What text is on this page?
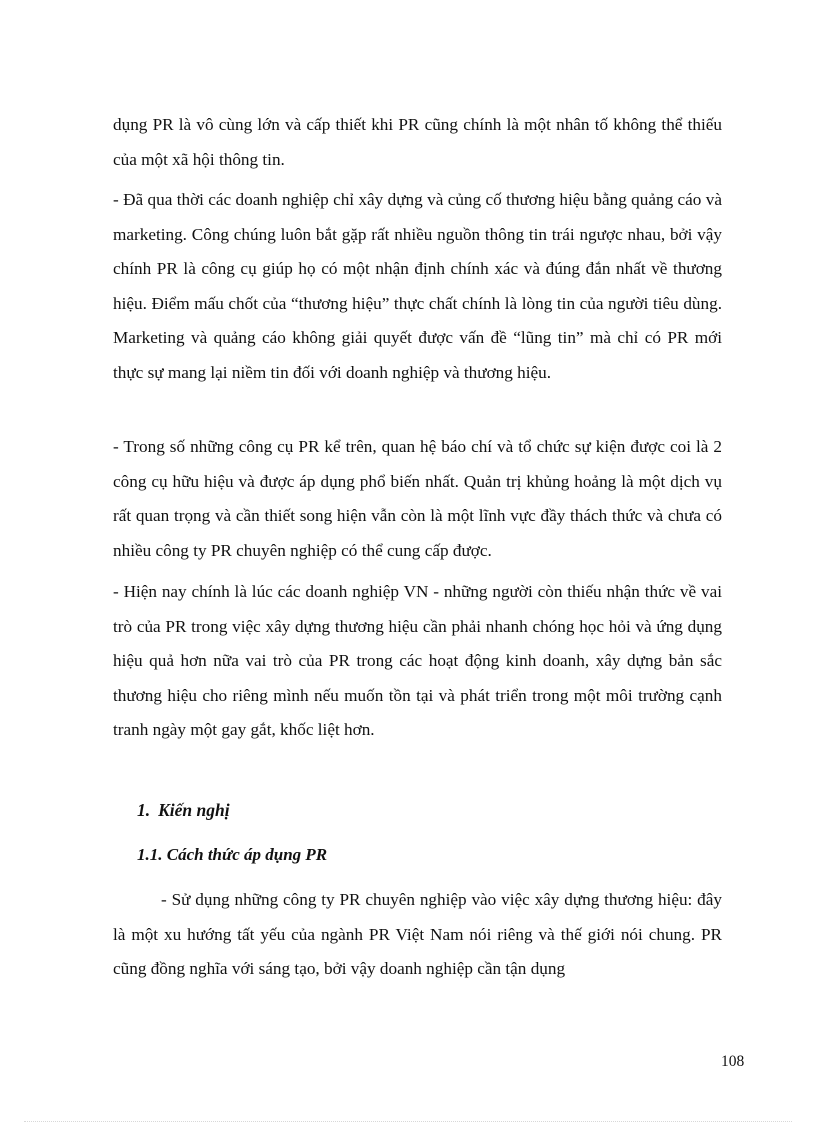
dụng PR là vô cùng lớn và cấp thiết khi PR cũng chính là một nhân tố không thể thiếu của một xã hội thông tin.

- Đã qua thời các doanh nghiệp chỉ xây dựng và củng cố thương hiệu bằng quảng cáo và marketing. Công chúng luôn bắt gặp rất nhiều nguồn thông tin trái ngược nhau, bởi vậy chính PR là công cụ giúp họ có một nhận định chính xác và đúng đắn nhất về thương hiệu. Điểm mấu chốt của “thương hiệu” thực chất chính là lòng tin của người tiêu dùng. Marketing và quảng cáo không giải quyết được vấn đề “lũng tin” mà chỉ có PR mới thực sự mang lại niềm tin đối với doanh nghiệp và thương hiệu.

- Trong số những công cụ PR kể trên, quan hệ báo chí và tổ chức sự kiện được coi là 2 công cụ hữu hiệu và được áp dụng phổ biến nhất. Quản trị khủng hoảng là một dịch vụ rất quan trọng và cần thiết song hiện vẫn còn là một lĩnh vực đầy thách thức và chưa có nhiều công ty PR chuyên nghiệp có thể cung cấp được.

- Hiện nay chính là lúc các doanh nghiệp VN - những người còn thiếu nhận thức về vai trò của PR trong việc xây dựng thương hiệu cần phải nhanh chóng học hỏi và ứng dụng hiệu quả hơn nữa vai trò của PR trong các hoạt động kinh doanh, xây dựng bản sắc thương hiệu cho riêng mình nếu muốn tồn tại và phát triển trong một môi trường cạnh tranh ngày một gay gắt, khốc liệt hơn.

1. Kiến nghị
1.1. Cách thức áp dụng PR

- Sử dụng những công ty PR chuyên nghiệp vào việc xây dựng thương hiệu: đây là một xu hướng tất yếu của ngành PR Việt Nam nói riêng và thế giới nói chung. PR cũng đồng nghĩa với sáng tạo, bởi vậy doanh nghiệp cần tận dụng

108
